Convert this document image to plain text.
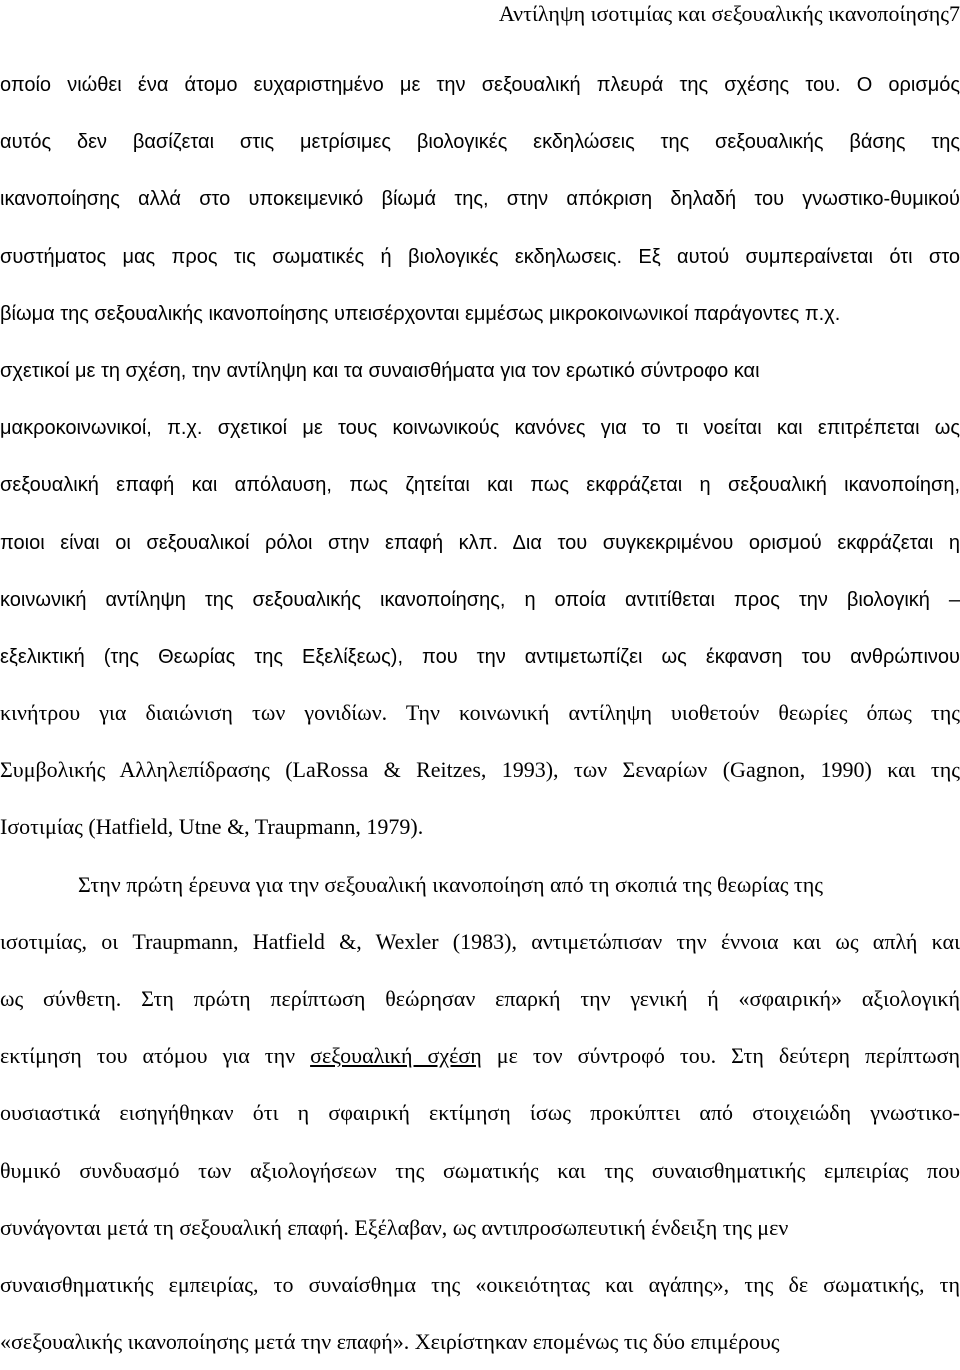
Αντίληψη ισοτιμίας και σεξουαλικής ικανοποίησης7
οποίο νιώθει ένα άτομο ευχαριστημένο με την σεξουαλική πλευρά της σχέσης του. Ο ορισμός
αυτός δεν βασίζεται στις μετρίσιμες βιολογικές εκδηλώσεις της σεξουαλικής βάσης της
ικανοποίησης αλλά στο υποκειμενικό βίωμά της, στην απόκριση δηλαδή του γνωστικο-θυμικού
συστήματος μας προς τις σωματικές ή βιολογικές εκδηλωσεις. Εξ αυτού συμπεραίνεται ότι στο
βίωμα της σεξουαλικής ικανοποίησης υπεισέρχονται εμμέσως μικροκοινωνικοί παράγοντες π.χ.
σχετικοί με τη σχέση, την αντίληψη και τα συναισθήματα για τον ερωτικό σύντροφο και
μακροκοινωνικοί, π.χ. σχετικοί με τους κοινωνικούς κανόνες για το τι νοείται και επιτρέπεται ως
σεξουαλική επαφή και απόλαυση, πως ζητείται και πως εκφράζεται η σεξουαλική ικανοποίηση,
ποιοι είναι οι σεξουαλικοί ρόλοι στην επαφή κλπ. Δια του συγκεκριμένου ορισμού εκφράζεται η
κοινωνική αντίληψη της σεξουαλικής ικανοποίησης, η οποία αντιτίθεται προς την βιολογική –
εξελικτική (της Θεωρίας της Εξελίξεως), που την αντιμετωπίζει ως έκφανση του ανθρώπινου
κινήτρου για διαιώνιση των γονιδίων. Την κοινωνική αντίληψη υιοθετούν θεωρίες όπως της
Συμβολικής Αλληλεπίδρασης (LaRossa & Reitzes, 1993), των Σεναρίων (Gagnon, 1990) και της
Ισοτιμίας (Hatfield, Utne &, Traupmann, 1979).
Στην πρώτη έρευνα για την σεξουαλική ικανοποίηση από τη σκοπιά της θεωρίας της
ισοτιμίας, οι Traupmann, Hatfield &, Wexler (1983), αντιμετώπισαν την έννοια και ως απλή και
ως σύνθετη. Στη πρώτη περίπτωση θεώρησαν επαρκή την γενική ή «σφαιρική» αξιολογική
εκτίμηση του ατόμου για την σεξουαλική σχέση με τον σύντροφό του. Στη δεύτερη περίπτωση
ουσιαστικά εισηγήθηκαν ότι η σφαιρική εκτίμηση ίσως προκύπτει από στοιχειώδη γνωστικο-
θυμικό συνδυασμό των αξιολογήσεων της σωματικής και της συναισθηματικής εμπειρίας που
συνάγονται μετά τη σεξουαλική επαφή. Εξέλαβαν, ως αντιπροσωπευτική ένδειξη της μεν
συναισθηματικής εμπειρίας, το συναίσθημα της «οικειότητας και αγάπης», της δε σωματικής, τη
«σεξουαλικής ικανοποίησης μετά την επαφή». Χειρίστηκαν επομένως τις δύο επιμέρους
